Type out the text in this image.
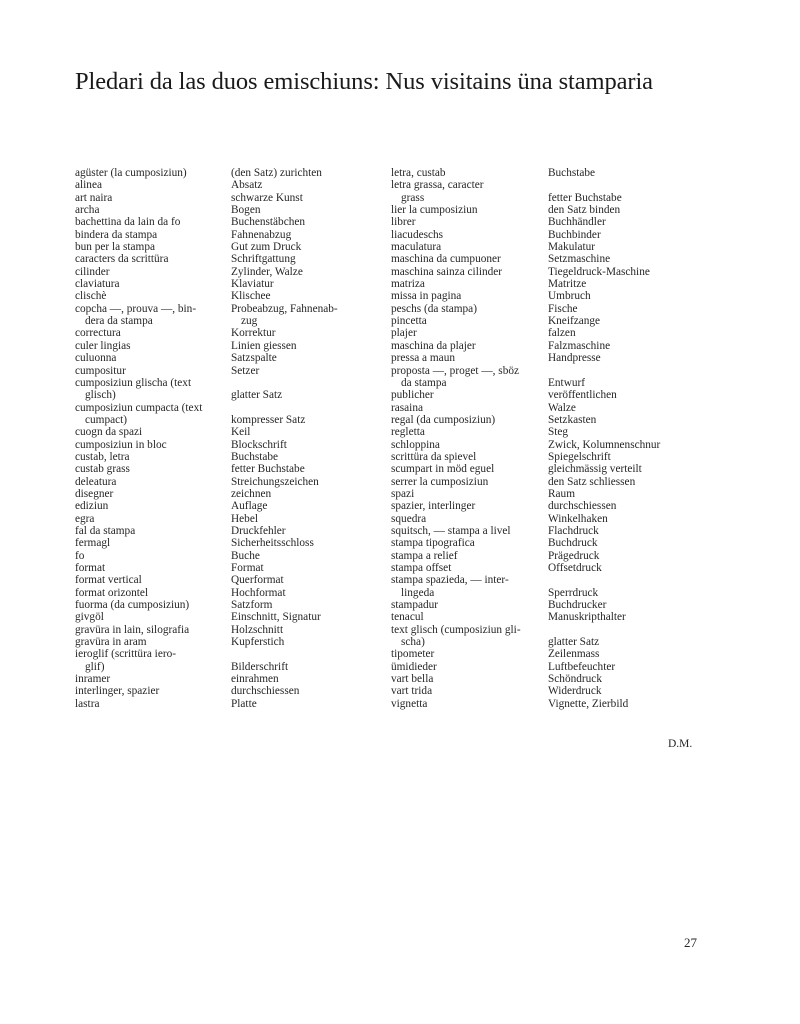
Pledari da las duos emischiuns: Nus visitains üna stamparia
agüster (la cumposiziun)
alinea
art naira
archa
bachettina da lain da fo
bindera da stampa
bun per la stampa
caracters da scrittüra
cilinder
claviatura
clischè
copcha —, prouva —, bin-
dera da stampa
correctura
culer lingias
culuonna
cumpositur
cumposiziun glischa (text
glisch)
cumposiziun cumpacta (text
cumpact)
cuogn da spazi
cumposiziun in bloc
custab, letra
custab grass
deleatura
disegner
ediziun
egra
fal da stampa
fermagl
fo
format
format vertical
format orizontel
fuorma (da cumposiziun)
givgöl
gravüra in lain, silografia
gravüra in aram
ieroglif (scrittüra iero-
glif)
inramer
interlinger, spazier
lastra
(den Satz) zurichten
Absatz
schwarze Kunst
Bogen
Buchenstäbchen
Fahnenabzug
Gut zum Druck
Schriftgattung
Zylinder, Walze
Klaviatur
Klischee
Probeabzug, Fahnenab-
zug
Korrektur
Linien giessen
Satzspalte
Setzer
glatter Satz
kompresser Satz
Keil
Blockschrift
Buchstabe
fetter Buchstabe
Streichungszeichen
zeichnen
Auflage
Hebel
Druckfehler
Sicherheitsschloss
Buche
Format
Querformat
Hochformat
Satzform
Einschnitt, Signatur
Holzschnitt
Kupferstich
Bilderschrift
einrahmen
durchschiessen
Platte
letra, custab
letra grassa, caracter
grass
lier la cumposiziun
librer
liacudeschs
maculatura
maschina da cumpuoner
maschina sainza cilinder
matriza
missa in pagina
peschs (da stampa)
pincetta
plajer
maschina da plajer
pressa a maun
proposta —, proget —, sböz
da stampa
publicher
rasaina
regal (da cumposiziun)
regletta
schloppina
scrittüra da spievel
scumpart in möd eguel
serrer la cumposiziun
spazi
spazier, interlinger
squedra
squitsch, — stampa a livel
stampa tipografica
stampa a relief
stampa offset
stampa spazieda, — inter-
lingeda
stampadur
tenacul
text glisch (cumposiziun gli-
scha)
tipometer
ümidieder
vart bella
vart trida
vignetta
Buchstabe
fetter Buchstabe
den Satz binden
Buchhändler
Buchbinder
Makulatur
Setzmaschine
Tiegeldruck-Maschine
Matritze
Umbruch
Fische
Kneifzange
falzen
Falzmaschine
Handpresse
Entwurf
veröffentlichen
Walze
Setzkasten
Steg
Zwick, Kolumnenschnur
Spiegelschrift
gleichmässig verteilt
den Satz schliessen
Raum
durchschiessen
Winkelhaken
Flachdruck
Buchdruck
Prägedruck
Offsetdruck
Sperrdruck
Buchdrucker
Manuskripthalter
glatter Satz
Zeilenmass
Luftbefeuchter
Schöndruck
Widerdruck
Vignette, Zierbild
D.M.
27
